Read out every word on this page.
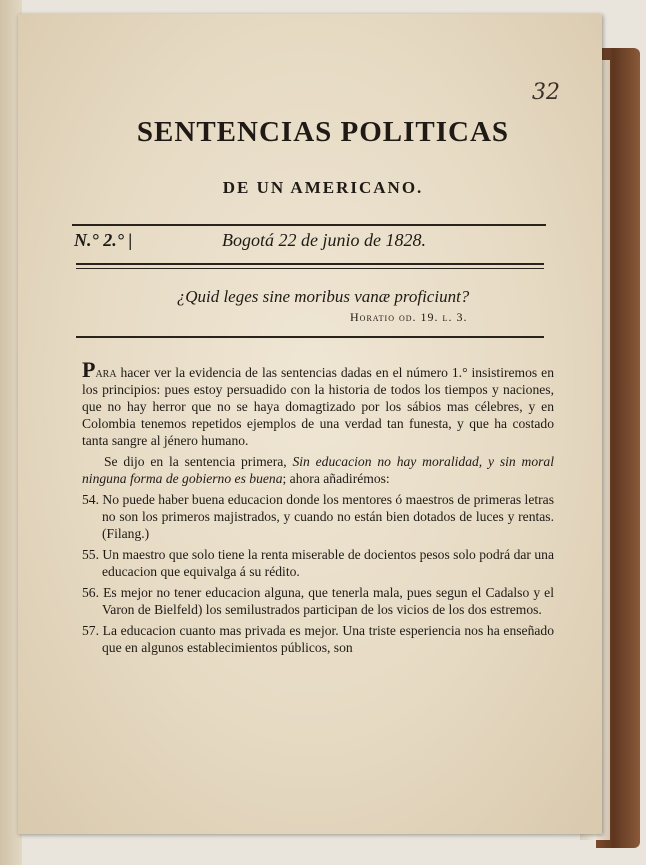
32
SENTENCIAS POLITICAS
DE UN AMERICANO.
N.° 2.° |	Bogotá 22 de junio de 1828.
¿Quid leges sine moribus vanæ proficiunt?
Horatio od. 19. l. 3.

Para hacer ver la evidencia de las sentencias dadas en el número 1.° insistiremos en los principios: pues estoy persuadido con la historia de todos los tiempos y naciones, que no hay herror que no se haya domagtizado por los sábios mas célebres, y en Colombia tenemos repetidos ejemplos de una verdad tan funesta, y que ha costado tanta sangre al jénero humano.

Se dijo en la sentencia primera, Sin educacion no hay moralidad, y sin moral ninguna forma de gobierno es buena; ahora añadirémos:

54. No puede haber buena educacion donde los mentores ó maestros de primeras letras no son los primeros majistrados, y cuando no están bien dotados de luces y rentas. (Filang.)

55. Un maestro que solo tiene la renta miserable de docientos pesos solo podrá dar una educacion que equivalga á su rédito.

56. Es mejor no tener educacion alguna, que tenerla mala, pues segun el Cadalso y el Varon de Bielfeld) los semilustrados participan de los vicios de los dos estremos.

57. La educacion cuanto mas privada es mejor. Una triste esperiencia nos ha enseñado que en algunos establecimientos públicos, son
